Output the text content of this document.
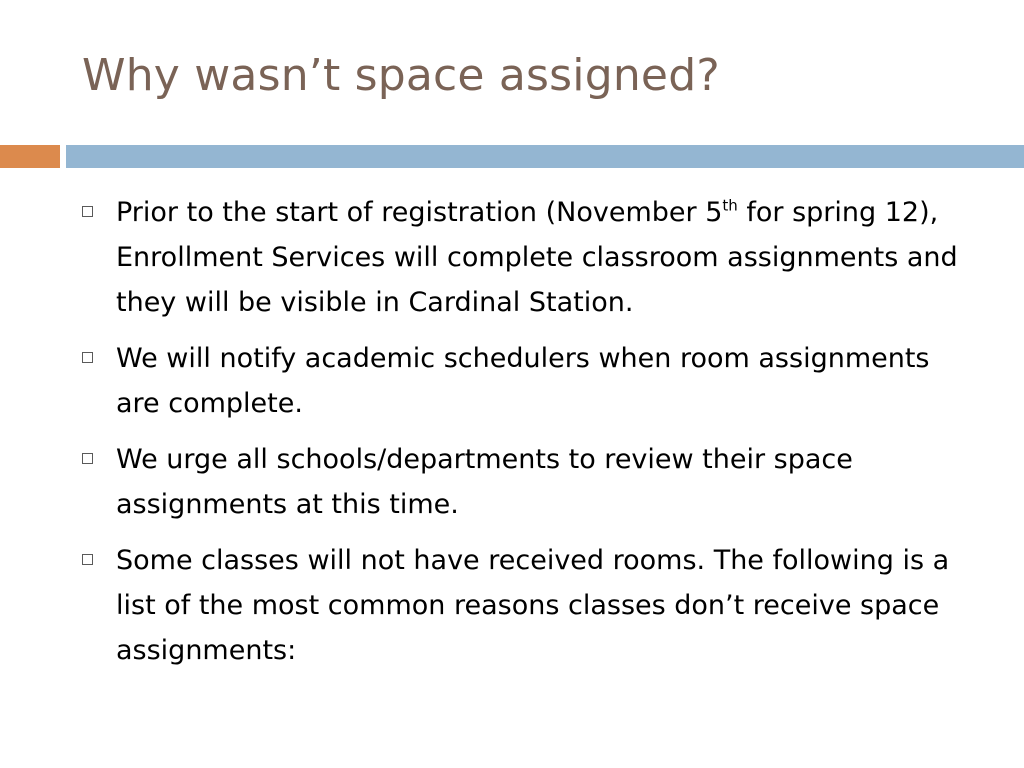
Why wasn’t space assigned?
Prior to the start of registration (November 5th for spring 12), Enrollment Services will complete classroom assignments and they will be visible in Cardinal Station.
We will notify academic schedulers when room assignments are complete.
We urge all schools/departments to review their space assignments at this time.
Some classes will not have received rooms. The following is a list of the most common reasons classes don’t receive space assignments:
